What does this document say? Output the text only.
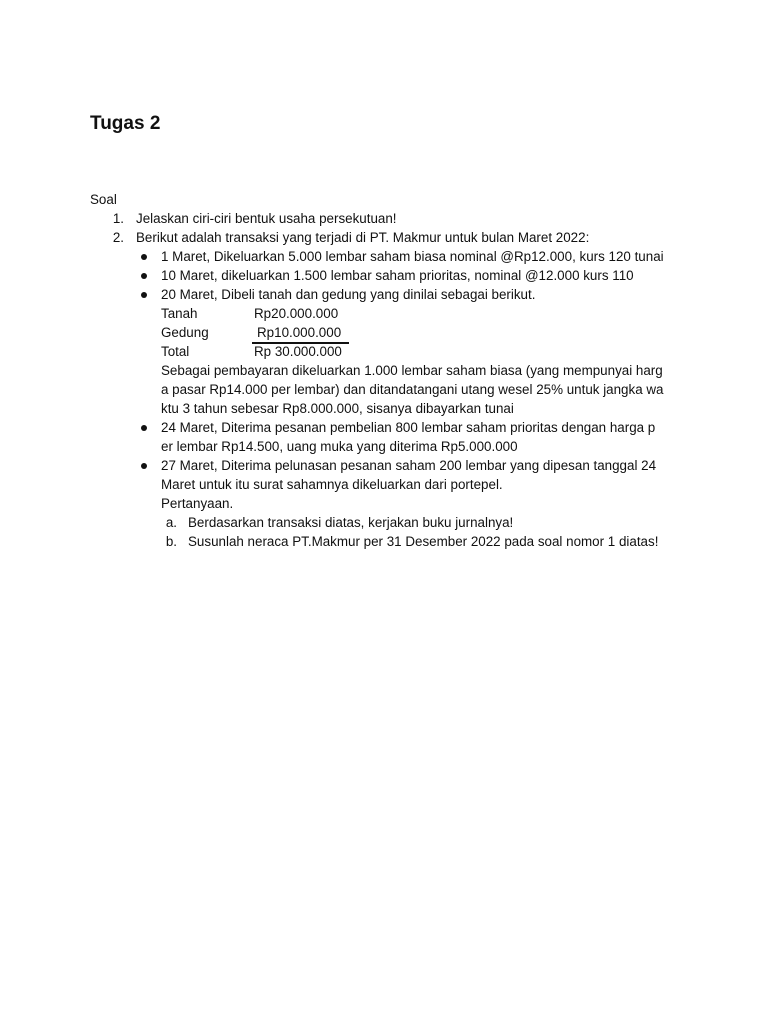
Tugas 2
Soal
1. Jelaskan ciri-ciri bentuk usaha persekutuan!
2. Berikut adalah transaksi yang terjadi di PT. Makmur untuk bulan Maret 2022:
1 Maret, Dikeluarkan 5.000 lembar saham biasa nominal @Rp12.000, kurs 120 tunai
10 Maret, dikeluarkan 1.500 lembar saham prioritas, nominal @12.000 kurs 110
20 Maret, Dibeli tanah dan gedung yang dinilai sebagai berikut.
Tanah	Rp20.000.000
Gedung	Rp10.000.000
Total	Rp 30.000.000
Sebagai pembayaran dikeluarkan 1.000 lembar saham biasa (yang mempunyai harg
a pasar Rp14.000 per lembar) dan ditandatangani utang wesel 25% untuk jangka wa
ktu 3 tahun sebesar Rp8.000.000, sisanya dibayarkan tunai
24 Maret, Diterima pesanan pembelian 800 lembar saham prioritas dengan harga p
er lembar Rp14.500, uang muka yang diterima Rp5.000.000
27 Maret, Diterima pelunasan pesanan saham 200 lembar yang dipesan tanggal 24
Maret untuk itu surat sahamnya dikeluarkan dari portepel.
Pertanyaan.
a. Berdasarkan transaksi diatas, kerjakan buku jurnalnya!
b. Susunlah neraca PT.Makmur per 31 Desember 2022 pada soal nomor 1 diatas!
